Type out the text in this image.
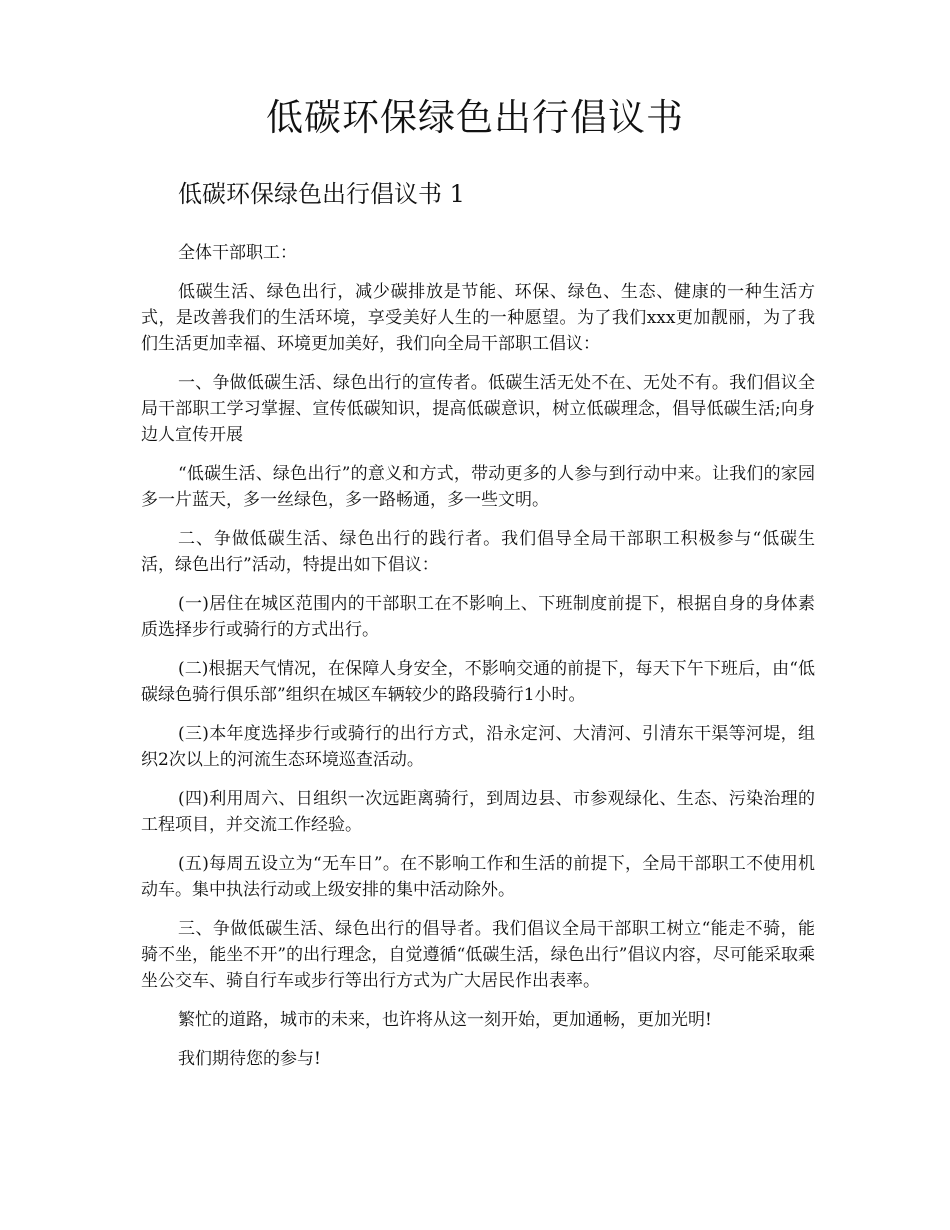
低碳环保绿色出行倡议书
低碳环保绿色出行倡议书 1

全体干部职工：

低碳生活、绿色出行，减少碳排放是节能、环保、绿色、生态、健康的一种生活方式，是改善我们的生活环境，享受美好人生的一种愿望。为了我们xxx更加靓丽，为了我们生活更加幸福、环境更加美好，我们向全局干部职工倡议：

一、争做低碳生活、绿色出行的宣传者。低碳生活无处不在、无处不有。我们倡议全局干部职工学习掌握、宣传低碳知识，提高低碳意识，树立低碳理念，倡导低碳生活;向身边人宣传开展

“低碳生活、绿色出行”的意义和方式，带动更多的人参与到行动中来。让我们的家园多一片蓝天，多一丝绿色，多一路畅通，多一些文明。

二、争做低碳生活、绿色出行的践行者。我们倡导全局干部职工积极参与“低碳生活，绿色出行”活动，特提出如下倡议：

(一)居住在城区范围内的干部职工在不影响上、下班制度前提下，根据自身的身体素质选择步行或骑行的方式出行。

(二)根据天气情况，在保障人身安全，不影响交通的前提下，每天下午下班后，由“低碳绿色骑行俱乐部”组织在城区车辆较少的路段骑行1小时。

(三)本年度选择步行或骑行的出行方式，沿永定河、大清河、引清东干渠等河堤，组织2次以上的河流生态环境巡查活动。

(四)利用周六、日组织一次远距离骑行，到周边县、市参观绿化、生态、污染治理的工程项目，并交流工作经验。

(五)每周五设立为“无车日”。在不影响工作和生活的前提下，全局干部职工不使用机动车。集中执法行动或上级安排的集中活动除外。

三、争做低碳生活、绿色出行的倡导者。我们倡议全局干部职工树立“能走不骑，能骑不坐，能坐不开”的出行理念，自觉遵循“低碳生活，绿色出行”倡议内容，尽可能采取乘坐公交车、骑自行车或步行等出行方式为广大居民作出表率。

繁忙的道路，城市的未来，也许将从这一刻开始，更加通畅，更加光明!

我们期待您的参与!
